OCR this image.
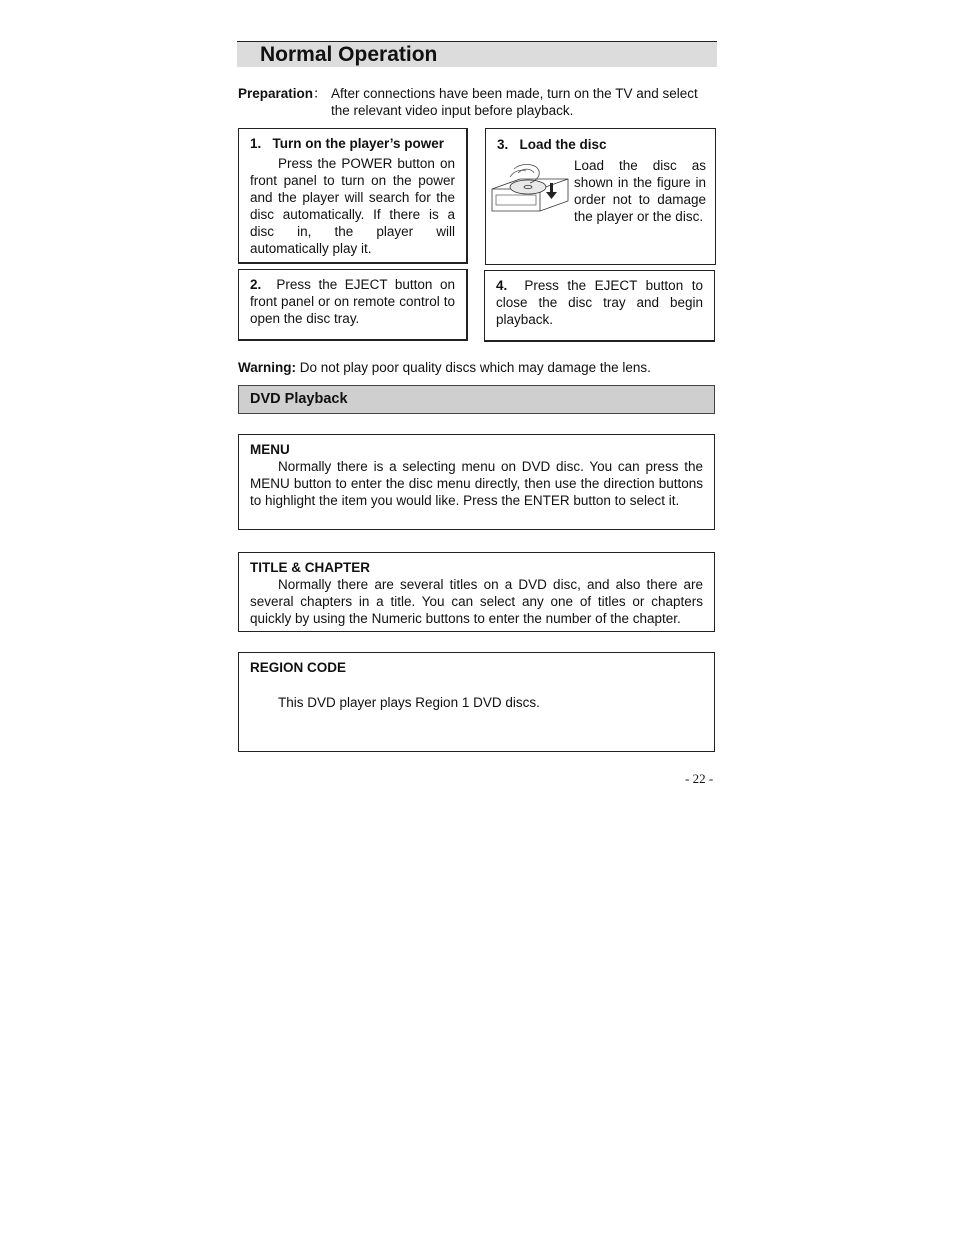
Normal Operation
Preparation： After connections have been made, turn on the TV and select
the relevant video input before playback.
1.   Turn on the player’s power
Press the POWER button on front panel to turn on the power and the player will search for the disc automatically. If there is a disc in, the player will automatically play it.
3.   Load the disc
Load the disc as shown in the figure in order not to damage the player or the disc.
2. Press the EJECT button on front panel or on remote control to open the disc tray.
4. Press the EJECT button to close the disc tray and begin playback.
Warning: Do not play poor quality discs which may damage the lens.
DVD Playback
MENU
Normally there is a selecting menu on DVD disc. You can press the MENU button to enter the disc menu directly, then use the direction buttons to highlight the item you would like. Press the ENTER button to select it.
TITLE & CHAPTER
Normally there are several titles on a DVD disc, and also there are several chapters in a title. You can select any one of titles or chapters quickly by using the Numeric buttons to enter the number of the chapter.
REGION CODE
This DVD player plays Region 1 DVD discs.
- 22 -
